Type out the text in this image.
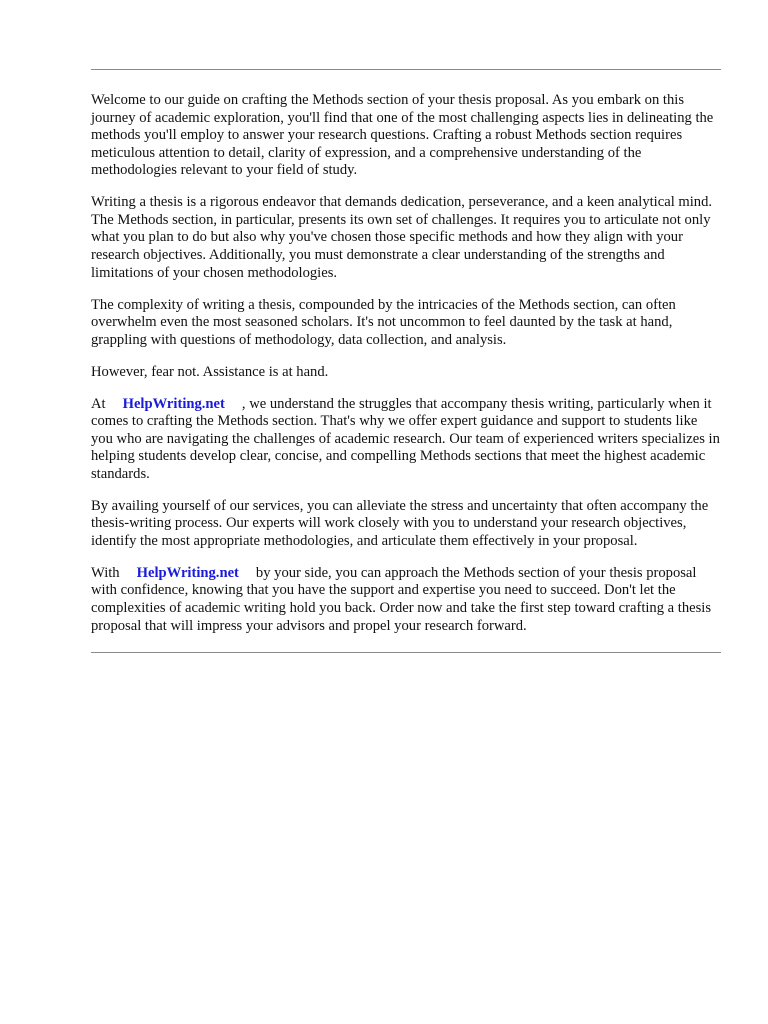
Welcome to our guide on crafting the Methods section of your thesis proposal. As you embark on this journey of academic exploration, you'll find that one of the most challenging aspects lies in delineating the methods you'll employ to answer your research questions. Crafting a robust Methods section requires meticulous attention to detail, clarity of expression, and a comprehensive understanding of the methodologies relevant to your field of study.

Writing a thesis is a rigorous endeavor that demands dedication, perseverance, and a keen analytical mind. The Methods section, in particular, presents its own set of challenges. It requires you to articulate not only what you plan to do but also why you've chosen those specific methods and how they align with your research objectives. Additionally, you must demonstrate a clear understanding of the strengths and limitations of your chosen methodologies.

The complexity of writing a thesis, compounded by the intricacies of the Methods section, can often overwhelm even the most seasoned scholars. It's not uncommon to feel daunted by the task at hand, grappling with questions of methodology, data collection, and analysis.

However, fear not. Assistance is at hand.

At HelpWriting.net , we understand the struggles that accompany thesis writing, particularly when it comes to crafting the Methods section. That's why we offer expert guidance and support to students like you who are navigating the challenges of academic research. Our team of experienced writers specializes in helping students develop clear, concise, and compelling Methods sections that meet the highest academic standards.

By availing yourself of our services, you can alleviate the stress and uncertainty that often accompany the thesis-writing process. Our experts will work closely with you to understand your research objectives, identify the most appropriate methodologies, and articulate them effectively in your proposal.

With HelpWriting.net by your side, you can approach the Methods section of your thesis proposal with confidence, knowing that you have the support and expertise you need to succeed. Don't let the complexities of academic writing hold you back. Order now and take the first step toward crafting a thesis proposal that will impress your advisors and propel your research forward.
